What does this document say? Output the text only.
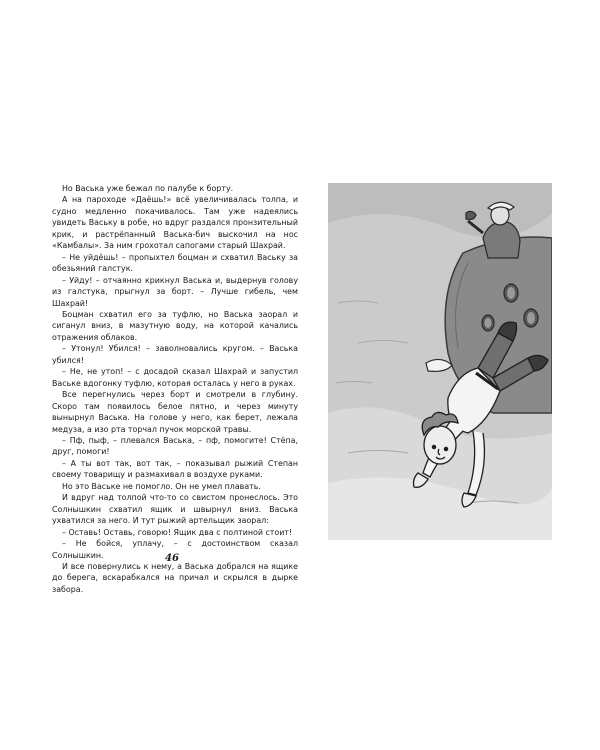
Но Васька уже бежал по палубе к борту.

А на пароходе «Даёшь!» всё увеличивалась толпа, и судно медленно покачивалось. Там уже надеялись увидеть Ваську в робе, но вдруг раздался пронзительный крик, и растрёпанный Васька-бич выскочил на нос «Камбалы». За ним грохотал сапогами старый Шахрай.

– Не уйдёшь! – пропыхтел боцман и схватил Ваську за обезьяний галстук.

– Уйду! – отчаянно крикнул Васька и, выдернув голову из галстука, прыгнул за борт. – Лучше гибель, чем Шахрай!

Боцман схватил его за туфлю, но Васька заорал и сиганул вниз, в мазутную воду, на которой качались отражения облаков.

– Утонул! Убился! – заволновались кругом. – Васька убился!

– Не, не утоп! – с досадой сказал Шахрай и запустил Ваське вдогонку туфлю, которая осталась у него в руках.

Все перегнулись через борт и смотрели в глубину. Скоро там появилось белое пятно, и через минуту вынырнул Васька. На голове у него, как берет, лежала медуза, а изо рта торчал пучок морской травы.

– Пф, пыф, – плевался Васька, – пф, помогите! Стёпа, друг, помоги!

– А ты вот так, вот так, – показывал рыжий Степан своему товарищу и размахивал в воздухе руками.

Но это Ваське не помогло. Он не умел плавать.

И вдруг над толпой что-то со свистом пронеслось. Это Солнышкин схватил ящик и швырнул вниз. Васька ухватился за него. И тут рыжий артельщик заорал:

– Оставь! Оставь, говорю! Ящик два с полтиной стоит!

– Не бойся, уплачу, – с достоинством сказал Солнышкин.

И все повернулись к нему, а Васька добрался на ящике до берега, вскарабкался на причал и скрылся в дырке забора.

46
